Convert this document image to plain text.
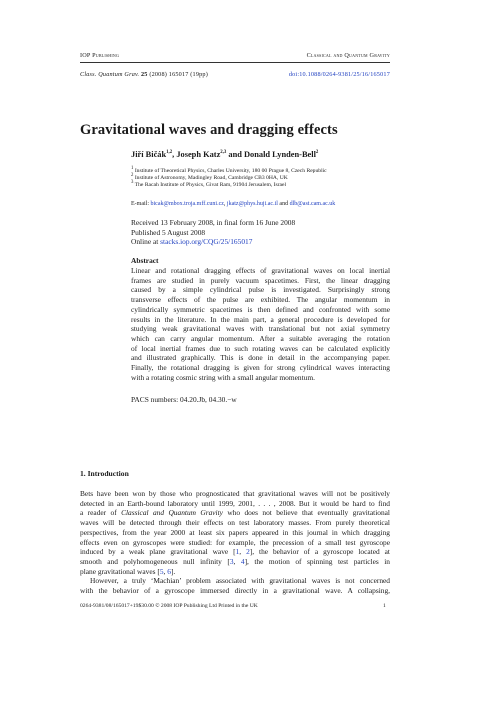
IOP Publishing	Classical and Quantum Gravity
Class. Quantum Grav. 25 (2008) 165017 (19pp)	doi:10.1088/0264-9381/25/16/165017
Gravitational waves and dragging effects
Jiří Bičák$^{1,2}$, Joseph Katz$^{2,3}$ and Donald Lynden-Bell$^2$
$^1$ Institute of Theoretical Physics, Charles University, 180 00 Prague 8, Czech Republic
$^2$ Institute of Astronomy, Madingley Road, Cambridge CB3 0HA, UK
$^3$ The Racah Institute of Physics, Givat Ram, 91904 Jerusalem, Israel
E-mail: bicak@mbox.troja.mff.cuni.cz, jkatz@phys.huji.ac.il and dlb@ast.cam.ac.uk
Received 13 February 2008, in final form 16 June 2008
Published 5 August 2008
Online at stacks.iop.org/CQG/25/165017
Abstract
Linear and rotational dragging effects of gravitational waves on local inertial
frames are studied in purely vacuum spacetimes. First, the linear dragging
caused by a simple cylindrical pulse is investigated. Surprisingly strong
transverse effects of the pulse are exhibited. The angular momentum in
cylindrically symmetric spacetimes is then defined and confronted with some
results in the literature. In the main part, a general procedure is developed for
studying weak gravitational waves with translational but not axial symmetry
which can carry angular momentum. After a suitable averaging the rotation
of local inertial frames due to such rotating waves can be calculated explicitly
and illustrated graphically. This is done in detail in the accompanying paper.
Finally, the rotational dragging is given for strong cylindrical waves interacting
with a rotating cosmic string with a small angular momentum.
PACS numbers: 04.20.Jb, 04.30.−w
1. Introduction
Bets have been won by those who prognosticated that gravitational waves will not be positively
detected in an Earth-bound laboratory until 1999, 2001, . . . , 2008. But it would be hard to find
a reader of Classical and Quantum Gravity who does not believe that eventually gravitational
waves will be detected through their effects on test laboratory masses. From purely theoretical
perspectives, from the year 2000 at least six papers appeared in this journal in which dragging
effects even on gyroscopes were studied: for example, the precession of a small test gyroscope
induced by a weak plane gravitational wave [1, 2], the behavior of a gyroscope located at
smooth and polyhomogeneous null infinity [3, 4], the motion of spinning test particles in
plane gravitational waves [5, 6].
However, a truly ‘Machian’ problem associated with gravitational waves is not concerned
with the behavior of a gyroscope immersed directly in a gravitational wave. A collapsing,
0264-9381/08/165017+19$30.00 © 2008 IOP Publishing Ltd Printed in the UK	1
